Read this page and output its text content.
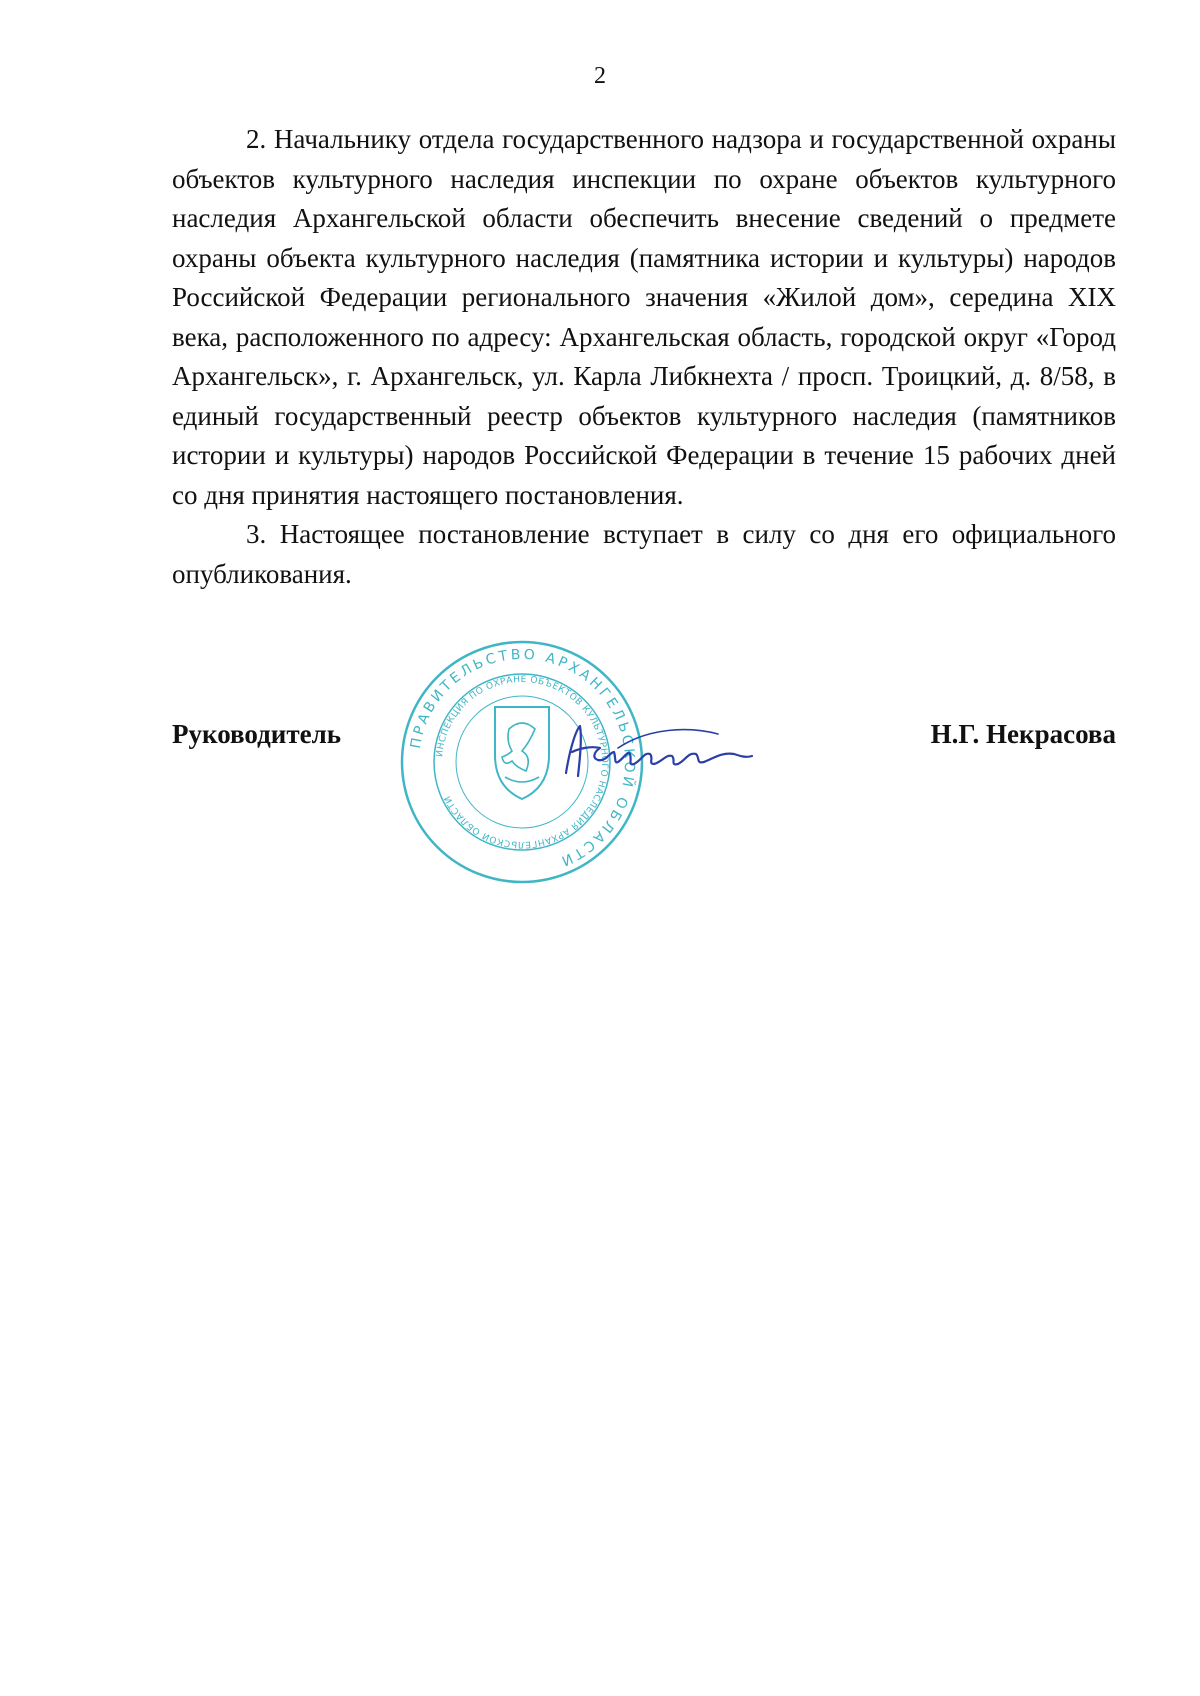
2

2. Начальнику отдела государственного надзора и государственной охраны объектов культурного наследия инспекции по охране объектов культурного наследия Архангельской области обеспечить внесение сведений о предмете охраны объекта культурного наследия (памятника истории и культуры) народов Российской Федерации регионального значения «Жилой дом», середина XIX века, расположенного по адресу: Архангельская область, городской округ «Город Архангельск», г. Архангельск, ул. Карла Либкнехта / просп. Троицкий, д. 8/58, в единый государственный реестр объектов культурного наследия (памятников истории и культуры) народов Российской Федерации в течение 15 рабочих дней со дня принятия настоящего постановления.

3. Настоящее постановление вступает в силу со дня его официального опубликования.

ПРАВИТЕЛЬСТВО АРХАНГЕЛЬСКОЙ ОБЛАСТИ
ИНСПЕКЦИЯ ПО ОХРАНЕ ОБЪЕКТОВ КУЛЬТУРНОГО НАСЛЕДИЯ АРХАНГЕЛЬСКОЙ ОБЛАСТИ
Руководитель	Н.Г. Некрасова
